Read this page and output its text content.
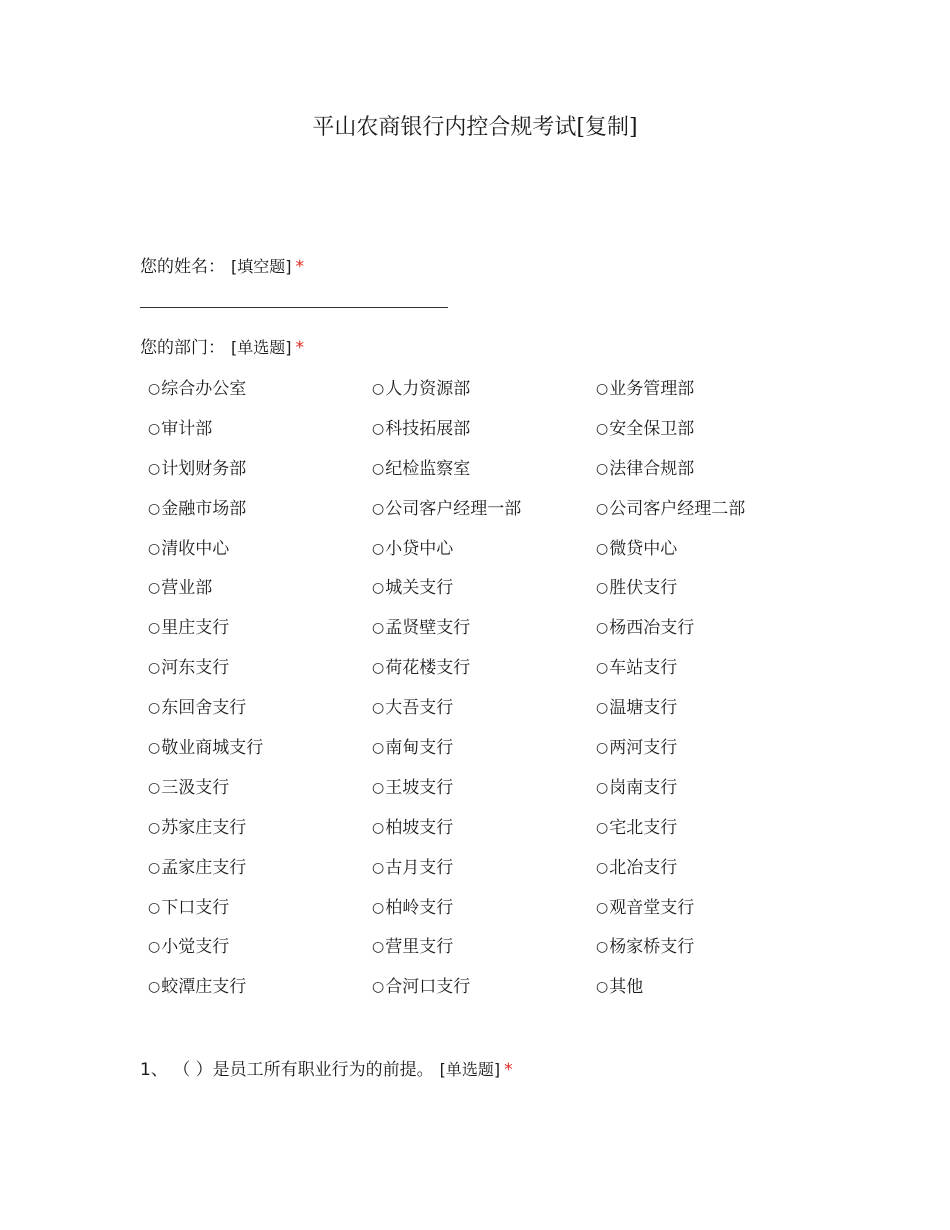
平山农商银行内控合规考试[复制]
您的姓名： [填空题] *
您的部门： [单选题] *
○ 综合办公室	○ 人力资源部	○ 业务管理部
○ 审计部	○ 科技拓展部	○ 安全保卫部
○ 计划财务部	○ 纪检监察室	○ 法律合规部
○ 金融市场部	○ 公司客户经理一部	○ 公司客户经理二部
○ 清收中心	○ 小贷中心	○ 微贷中心
○ 营业部	○ 城关支行	○ 胜伏支行
○ 里庄支行	○ 孟贤壁支行	○ 杨西冶支行
○ 河东支行	○ 荷花楼支行	○ 车站支行
○ 东回舍支行	○ 大吾支行	○ 温塘支行
○ 敬业商城支行	○ 南甸支行	○ 两河支行
○ 三汲支行	○ 王坡支行	○ 岗南支行
○ 苏家庄支行	○ 柏坡支行	○ 宅北支行
○ 孟家庄支行	○ 古月支行	○ 北冶支行
○ 下口支行	○ 柏岭支行	○ 观音堂支行
○ 小觉支行	○ 营里支行	○ 杨家桥支行
○ 蛟潭庄支行	○ 合河口支行	○ 其他
1、 （ ）是员工所有职业行为的前提。 [单选题] *
